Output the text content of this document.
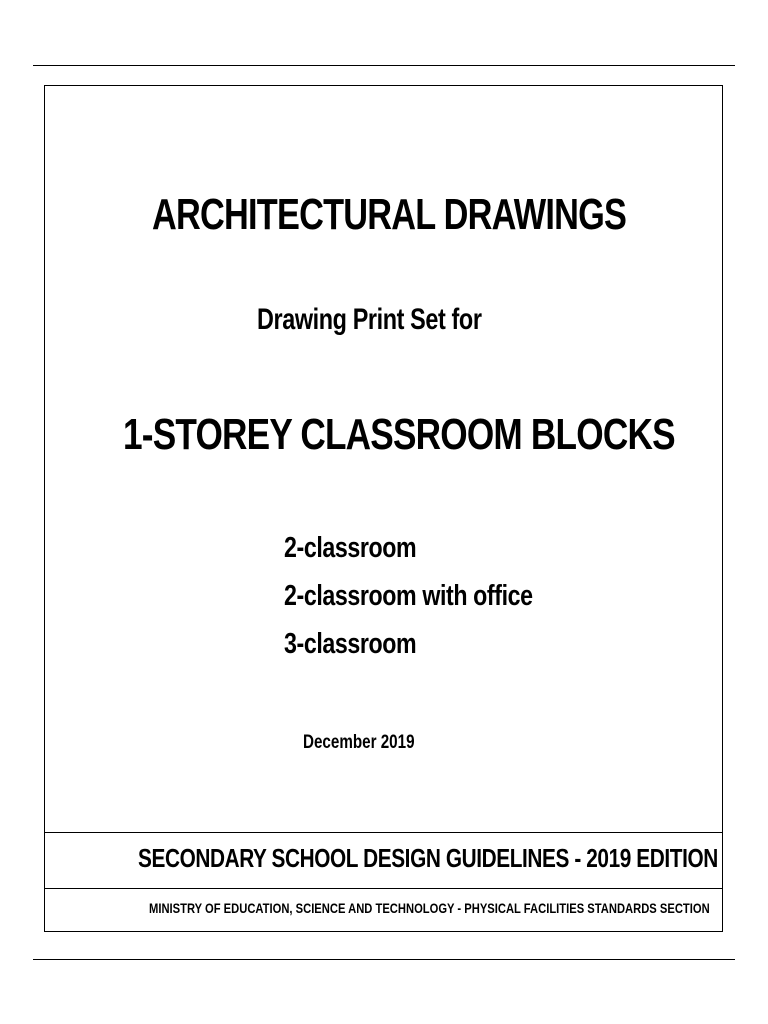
ARCHITECTURAL DRAWINGS
Drawing Print Set for
1-STOREY CLASSROOM BLOCKS
2-classroom
2-classroom with office
3-classroom
December 2019
SECONDARY SCHOOL DESIGN GUIDELINES - 2019 EDITION
MINISTRY OF EDUCATION, SCIENCE AND TECHNOLOGY - PHYSICAL FACILITIES STANDARDS SECTION
